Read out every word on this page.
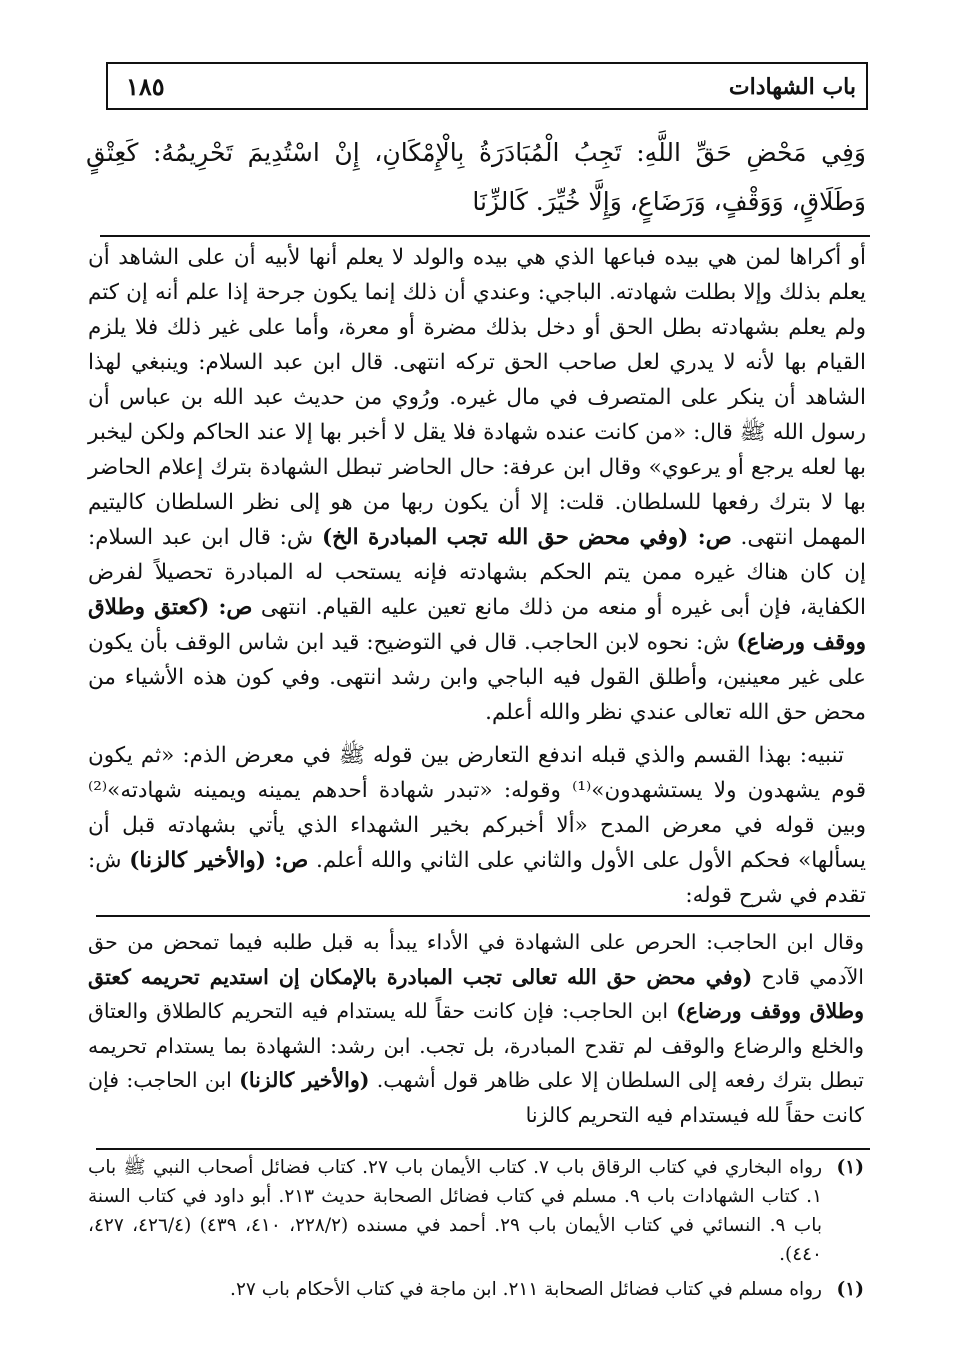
باب الشهادات
١٨٥

وَفِي مَحْضِ حَقِّ اللَّهِ: تَجِبُ الْمُبَادَرَةُ بِالْإِمْكَانِ، إِنْ اسْتُدِيمَ تَحْرِيمُهُ: كَعِتْقٍ وَطَلَاقٍ، وَوَقْفٍ، وَرَضَاعٍ، وَإِلَّا خُيِّرَ. كَالزِّنَا

أو أكراها لمن هي بيده فباعها الذي هي بيده والولد لا يعلم أنها لأبيه أن على الشاهد أن يعلم بذلك وإلا بطلت شهادته. الباجي: وعندي أن ذلك إنما يكون جرحة إذا علم أنه إن كتم ولم يعلم بشهادته بطل الحق أو دخل بذلك مضرة أو معرة، وأما على غير ذلك فلا يلزم القيام بها لأنه لا يدري لعل صاحب الحق تركه انتهى. قال ابن عبد السلام: وينبغي لهذا الشاهد أن ينكر على المتصرف في مال غيره. ورُوي من حديث عبد الله بن عباس أن رسول الله ﷺ قال: «من كانت عنده شهادة فلا يقل لا أخبر بها إلا عند الحاكم ولكن ليخبر بها لعله يرجع أو يرعوي» وقال ابن عرفة: حال الحاضر تبطل الشهادة بترك إعلام الحاضر بها لا بترك رفعها للسلطان. قلت: إلا أن يكون ربها من هو إلى نظر السلطان كاليتيم المهمل انتهى. ص: (وفي محض حق الله تجب المبادرة الخ) ش: قال ابن عبد السلام: إن كان هناك غيره ممن يتم الحكم بشهادته فإنه يستحب له المبادرة تحصيلاً لفرض الكفاية، فإن أبى غيره أو منعه من ذلك مانع تعين عليه القيام. انتهى ص: (كعتق وطلاق ووقف ورضاع) ش: نحوه لابن الحاجب. قال في التوضيح: قيد ابن شاس الوقف بأن يكون على غير معينين، وأطلق القول فيه الباجي وابن رشد انتهى. وفي كون هذه الأشياء من محض حق الله تعالى عندي نظر والله أعلم.

تنبيه: بهذا القسم والذي قبله اندفع التعارض بين قوله ﷺ في معرض الذم: «ثم يكون قوم يشهدون ولا يستشهدون»⁽¹⁾ وقوله: «تبدر شهادة أحدهم يمينه ويمينه شهادته»⁽²⁾ وبين قوله في معرض المدح «ألا أخبركم بخير الشهداء الذي يأتي بشهادته قبل أن يسألها» فحكم الأول على الأول والثاني على الثاني والله أعلم. ص: (والأخير كالزنا) ش: تقدم في شرح قوله:

وقال ابن الحاجب: الحرص على الشهادة في الأداء يبدأ به قبل طلبه فيما تمحض من حق الآدمي قادح (وفي محض حق الله تعالى تجب المبادرة بالإمكان إن استديم تحريمه كعتق وطلاق ووقف ورضاع) ابن الحاجب: فإن كانت حقاً لله يستدام فيه التحريم كالطلاق والعتاق والخلع والرضاع والوقف لم تقدح المبادرة، بل تجب. ابن رشد: الشهادة بما يستدام تحريمه تبطل بترك رفعه إلى السلطان إلا على ظاهر قول أشهب. (والأخير كالزنا) ابن الحاجب: فإن كانت حقاً لله فيستدام فيه التحريم كالزنا

(١)
رواه البخاري في كتاب الرقاق باب ٧. كتاب الأيمان باب ٢٧. كتاب فضائل أصحاب النبي ﷺ باب ١. كتاب الشهادات باب ٩. مسلم في كتاب فضائل الصحابة حديث ٢١٣. أبو داود في كتاب السنة باب ٩. النسائي في كتاب الأيمان باب ٢٩. أحمد في مسنده (٢٢٨/٢، ٤١٠، ٤٣٩) (٤٢٦/٤، ٤٢٧، ٤٤٠).
(١)
رواه مسلم في كتاب فضائل الصحابة ٢١١. ابن ماجة في كتاب الأحكام باب ٢٧.
